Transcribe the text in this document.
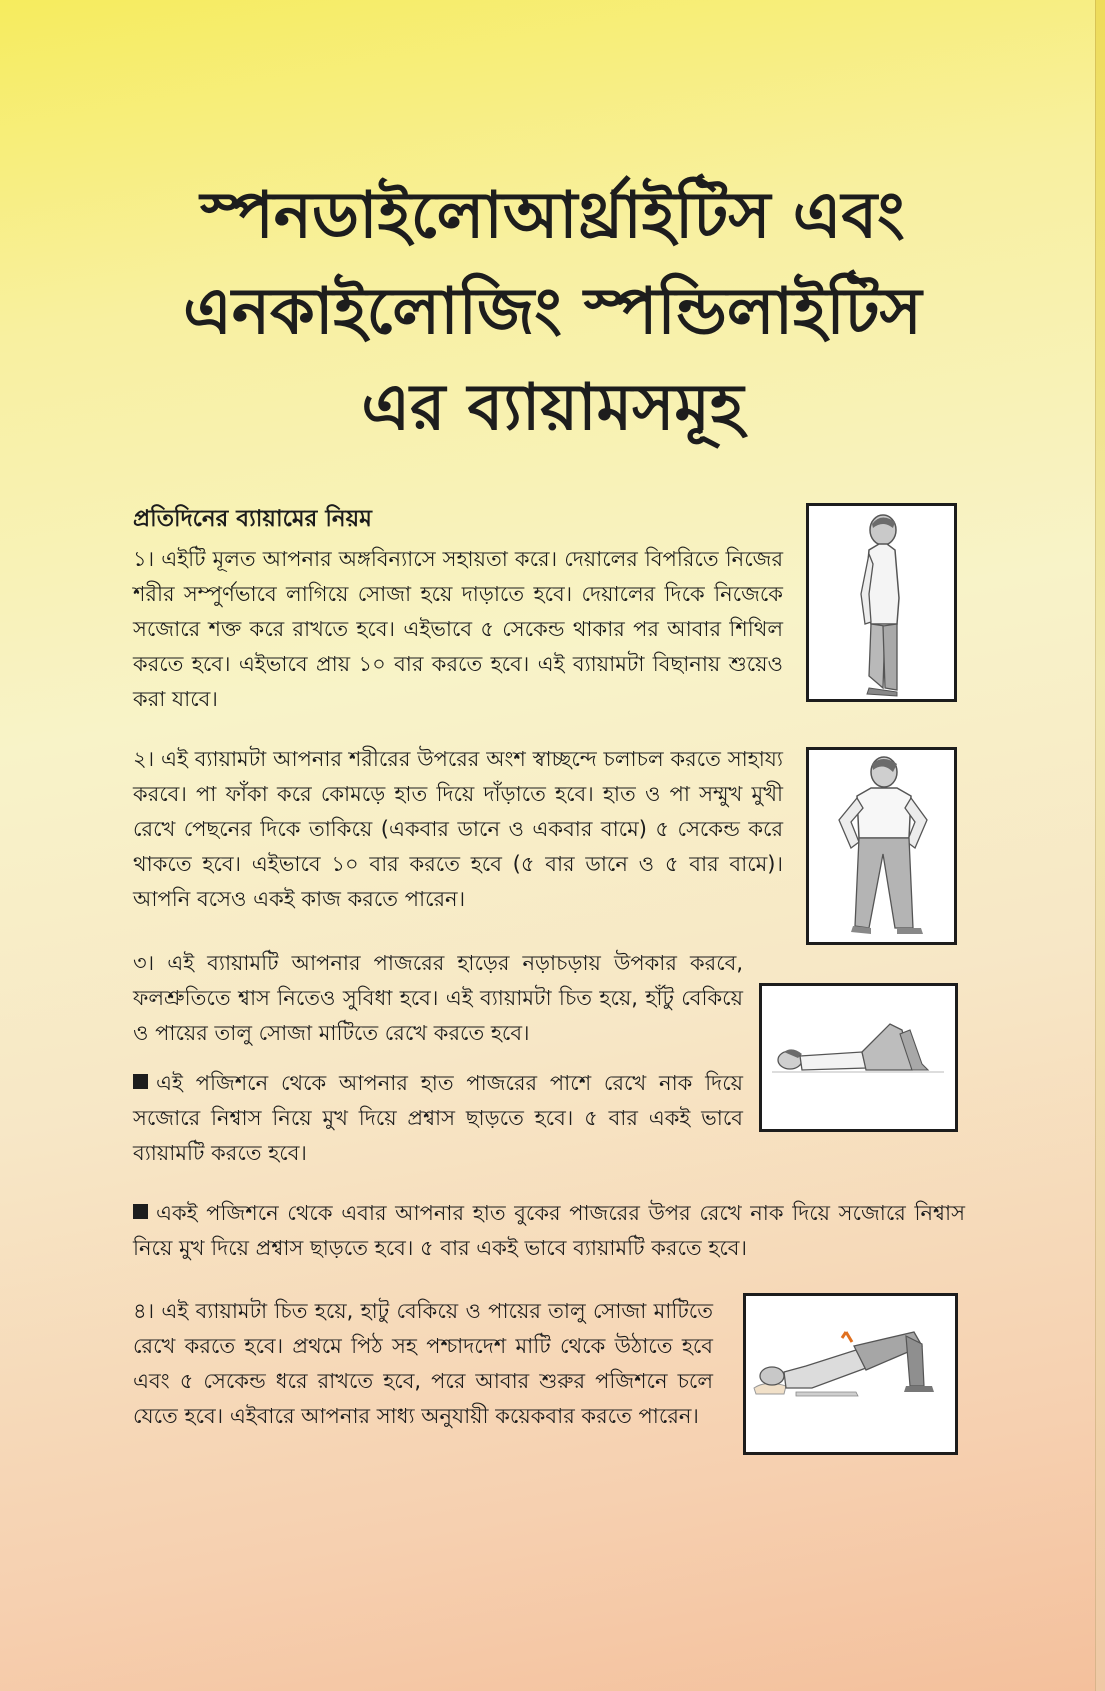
স্পনডাইলোআর্থ্রাইটিস এবং
এনকাইলোজিং স্পন্ডিলাইটিস
এর ব্যায়ামসমূহ
প্রতিদিনের ব্যায়ামের নিয়ম

১। এইটি মূলত আপনার অঙ্গবিন্যাসে সহায়তা করে। দেয়ালের বিপরিতে নিজের শরীর সম্পুর্ণভাবে লাগিয়ে সোজা হয়ে দাড়াতে হবে। দেয়ালের দিকে নিজেকে সজোরে শক্ত করে রাখতে হবে। এইভাবে ৫ সেকেন্ড থাকার পর আবার শিথিল করতে হবে। এইভাবে প্রায় ১০ বার করতে হবে। এই ব্যায়ামটা বিছানায় শুয়েও করা যাবে।

২। এই ব্যায়ামটা আপনার শরীরের উপরের অংশ স্বাচ্ছন্দে চলাচল করতে সাহায্য করবে। পা ফাঁকা করে কোমড়ে হাত দিয়ে দাঁড়াতে হবে। হাত ও পা সম্মুখ মুখী রেখে পেছনের দিকে তাকিয়ে (একবার ডানে ও একবার বামে) ৫ সেকেন্ড করে থাকতে হবে। এইভাবে ১০ বার করতে হবে (৫ বার ডানে ও ৫ বার বামে)। আপনি বসেও একই কাজ করতে পারেন।

৩। এই ব্যায়ামটি আপনার পাজরের হাড়ের নড়াচড়ায় উপকার করবে, ফলশ্রুতিতে শ্বাস নিতেও সুবিধা হবে। এই ব্যায়ামটা চিত হয়ে, হাঁটু বেকিয়ে ও পায়ের তালু সোজা মাটিতে রেখে করতে হবে।

এই পজিশনে থেকে আপনার হাত পাজরের পাশে রেখে নাক দিয়ে সজোরে নিশ্বাস নিয়ে মুখ দিয়ে প্রশ্বাস ছাড়তে হবে। ৫ বার একই ভাবে ব্যায়ামটি করতে হবে।

একই পজিশনে থেকে এবার আপনার হাত বুকের পাজরের উপর রেখে নাক দিয়ে সজোরে নিশ্বাস নিয়ে মুখ দিয়ে প্রশ্বাস ছাড়তে হবে। ৫ বার একই ভাবে ব্যায়ামটি করতে হবে।

৪। এই ব্যায়ামটা চিত হয়ে, হাটু বেকিয়ে ও পায়ের তালু সোজা মাটিতে রেখে করতে হবে। প্রথমে পিঠ সহ পশ্চাদদেশ মাটি থেকে উঠাতে হবে এবং ৫ সেকেন্ড ধরে রাখতে হবে, পরে আবার শুরুর পজিশনে চলে যেতে হবে। এইবারে আপনার সাধ্য অনুযায়ী কয়েকবার করতে পারেন।
